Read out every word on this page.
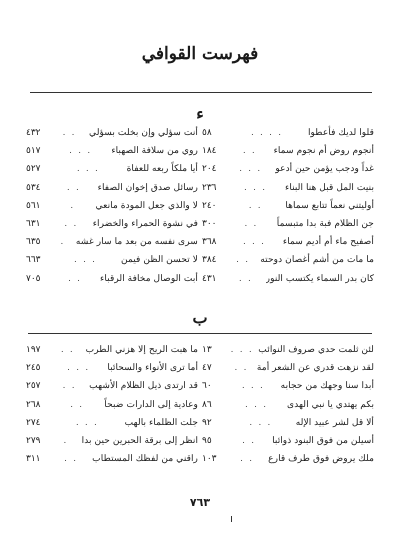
فهرست القوافي
ء
٥٨	. . . .	قلوا لديك فأعطوا
١٨٤	. .	أنجوم روض أم نجوم سماء
٢٠٤	. . .	غداً ودجب يؤمن حين أدعو
٢٣٦	. . .	بنيت المل قبل هنا البناء
٢٤٠	. .	أوليتني نعماً تتابع سماها
٣٠٠	. .	جن الظلام فبة بدا متبسماً
٣٦٨	. . .	أصفيح ماء أم أديم سماء
٣٨٤	. .	ما مات من أشم أغصان دوحته
٤٣١	. .	كان بدر السماء يكتسب النور
٤٣٢	. .	أنت سؤلي وإن بخلت بسؤلي
٥١٧	. . .	روي من سلافة الصهباء
٥٢٧	. . .	أيا ملكاً ربعه للعفاة
٥٣٤	. .	رسائل صدق إخوان الصفاء
٥٦١	.	لا والذي جعل المودة مانعي
٦٣١	. .	في نشوة الحمراء والخضراء
٦٣٥	.	سرى نفسه من بعد ما سار غشه
٦٦٣	. . .	لا تحسن الظن فيمن
٧٠٥	. .	أبت الوصال مخافة الرقباء
ب
١٣	. . . لئن ثلمت حدي صروف النوائب
٤٧	. . لقد نزهت قدري عن الشعر أمة
٦٠	. . .	أبدا سنا وجهك من حجابه
٨٦	. . .	بكم يهتدي يا نبي الهدى
٩٢	. . .	ألا قل لشر عبيد الإله
٩٥	. .	أسيلن من فوق البنود ذوائبا
١٠٣	. .	ملك يروض فوق طرف قارع
١٩٧	. .	ما هبت الريح إلا هزني الطرب
٢٤٥	. . .	أما ترى الأنواء والسحائبا
٢٥٧	. .	قد ارتدى ذيل الظلام الأشهب
٢٦٨	. .	وعادية إلى الدارات ضبحاً
٢٧٤	. . .	جلت الظلماء بالهب
٢٧٩	.	انظر إلى برقة الحبرين حين بدا
٣١١	. .	راقني من لفظك المستطاب
٧٦٣
